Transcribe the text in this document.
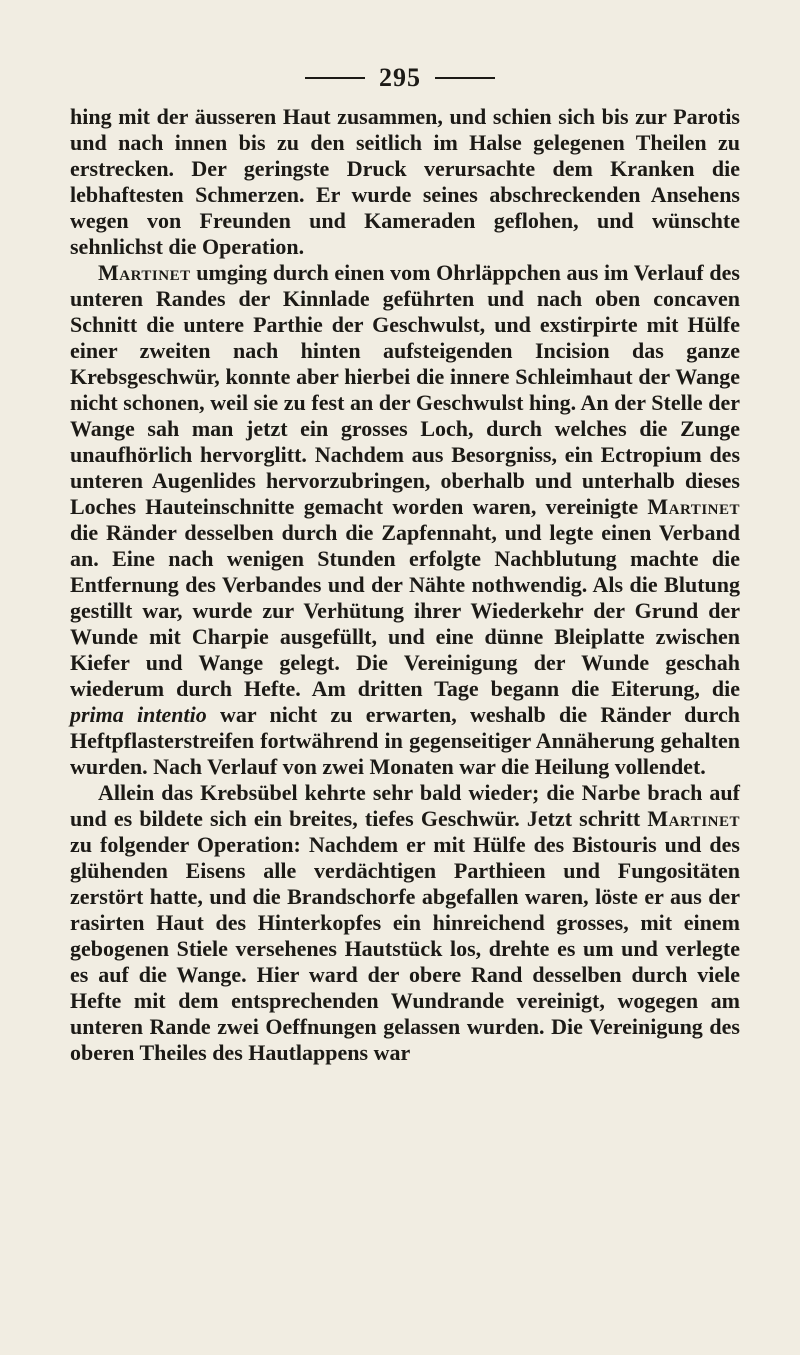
295

hing mit der äusseren Haut zusammen, und schien sich bis zur Parotis und nach innen bis zu den seitlich im Halse gelegenen Theilen zu erstrecken. Der geringste Druck verursachte dem Kranken die lebhaftesten Schmerzen. Er wurde seines abschreckenden Ansehens wegen von Freunden und Kameraden geflohen, und wünschte sehnlichst die Operation.

Martinet umging durch einen vom Ohrläppchen aus im Verlauf des unteren Randes der Kinnlade geführten und nach oben concaven Schnitt die untere Parthie der Geschwulst, und exstirpirte mit Hülfe einer zweiten nach hinten aufsteigenden Incision das ganze Krebsgeschwür, konnte aber hierbei die innere Schleimhaut der Wange nicht schonen, weil sie zu fest an der Geschwulst hing. An der Stelle der Wange sah man jetzt ein grosses Loch, durch welches die Zunge unaufhörlich hervorglitt. Nachdem aus Besorgniss, ein Ectropium des unteren Augenlides hervorzubringen, oberhalb und unterhalb dieses Loches Hauteinschnitte gemacht worden waren, vereinigte Martinet die Ränder desselben durch die Zapfennaht, und legte einen Verband an. Eine nach wenigen Stunden erfolgte Nachblutung machte die Entfernung des Verbandes und der Nähte nothwendig. Als die Blutung gestillt war, wurde zur Verhütung ihrer Wiederkehr der Grund der Wunde mit Charpie ausgefüllt, und eine dünne Bleiplatte zwischen Kiefer und Wange gelegt. Die Vereinigung der Wunde geschah wiederum durch Hefte. Am dritten Tage begann die Eiterung, die prima intentio war nicht zu erwarten, weshalb die Ränder durch Heftpflasterstreifen fortwährend in gegenseitiger Annäherung gehalten wurden. Nach Verlauf von zwei Monaten war die Heilung vollendet.

Allein das Krebsübel kehrte sehr bald wieder; die Narbe brach auf und es bildete sich ein breites, tiefes Geschwür. Jetzt schritt Martinet zu folgender Operation: Nachdem er mit Hülfe des Bistouris und des glühenden Eisens alle verdächtigen Parthieen und Fungositäten zerstört hatte, und die Brandschorfe abgefallen waren, löste er aus der rasirten Haut des Hinterkopfes ein hinreichend grosses, mit einem gebogenen Stiele versehenes Hautstück los, drehte es um und verlegte es auf die Wange. Hier ward der obere Rand desselben durch viele Hefte mit dem entsprechenden Wundrande vereinigt, wogegen am unteren Rande zwei Oeffnungen gelassen wurden. Die Vereinigung des oberen Theiles des Hautlappens war
